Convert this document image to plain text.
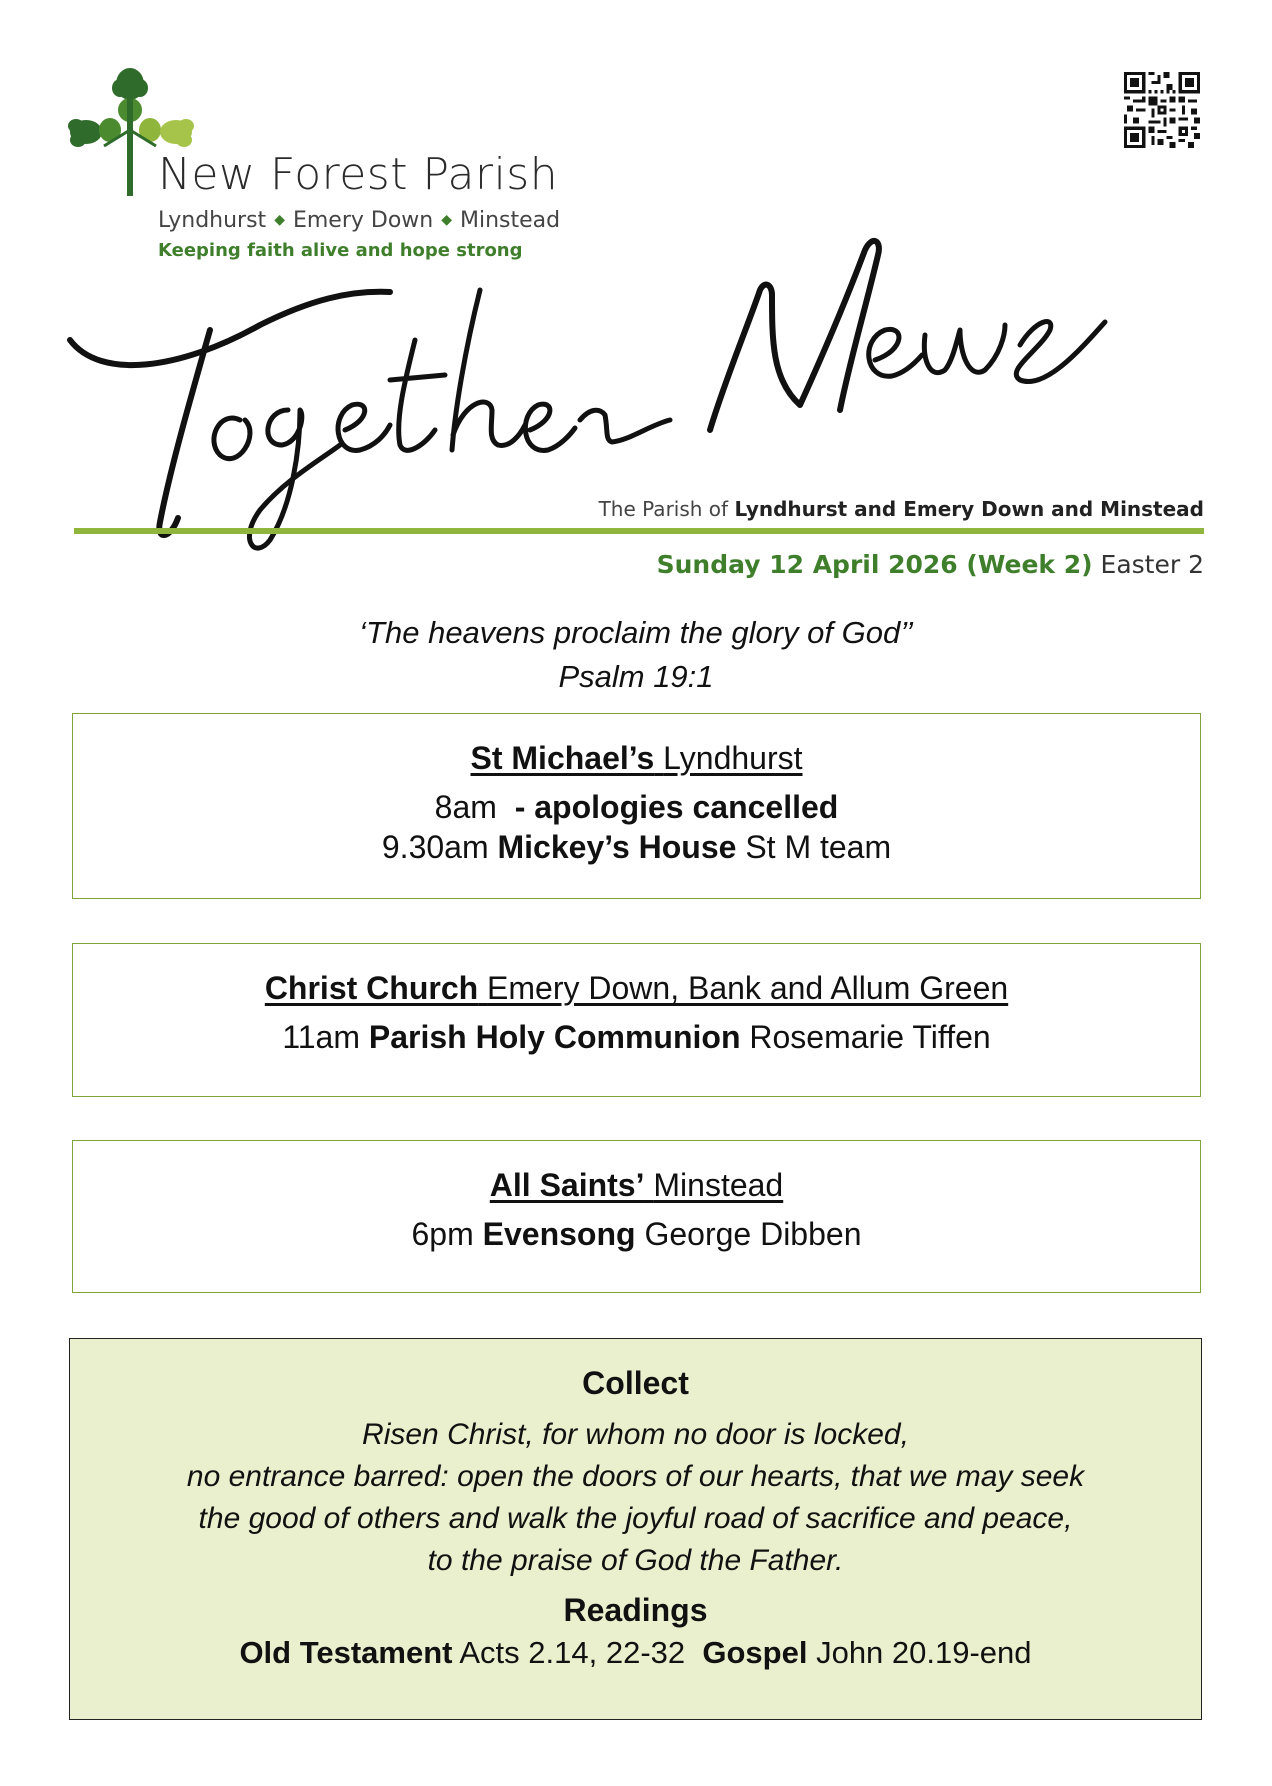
New Forest Parish
Lyndhurst ◆ Emery Down ◆ Minstead
Keeping faith alive and hope strong
The Parish of Lyndhurst and Emery Down and Minstead
Sunday 12 April 2026 (Week 2) Easter 2
‘The heavens proclaim the glory of God’’
Psalm 19:1
St Michael’s Lyndhurst
8am  - apologies cancelled
9.30am Mickey’s House St M team
Christ Church Emery Down, Bank and Allum Green
11am Parish Holy Communion Rosemarie Tiffen
All Saints’ Minstead
6pm Evensong George Dibben
Collect
Risen Christ, for whom no door is locked,
no entrance barred: open the doors of our hearts, that we may seek
the good of others and walk the joyful road of sacrifice and peace,
to the praise of God the Father.
Readings
Old Testament Acts 2.14, 22-32 Gospel John 20.19-end
